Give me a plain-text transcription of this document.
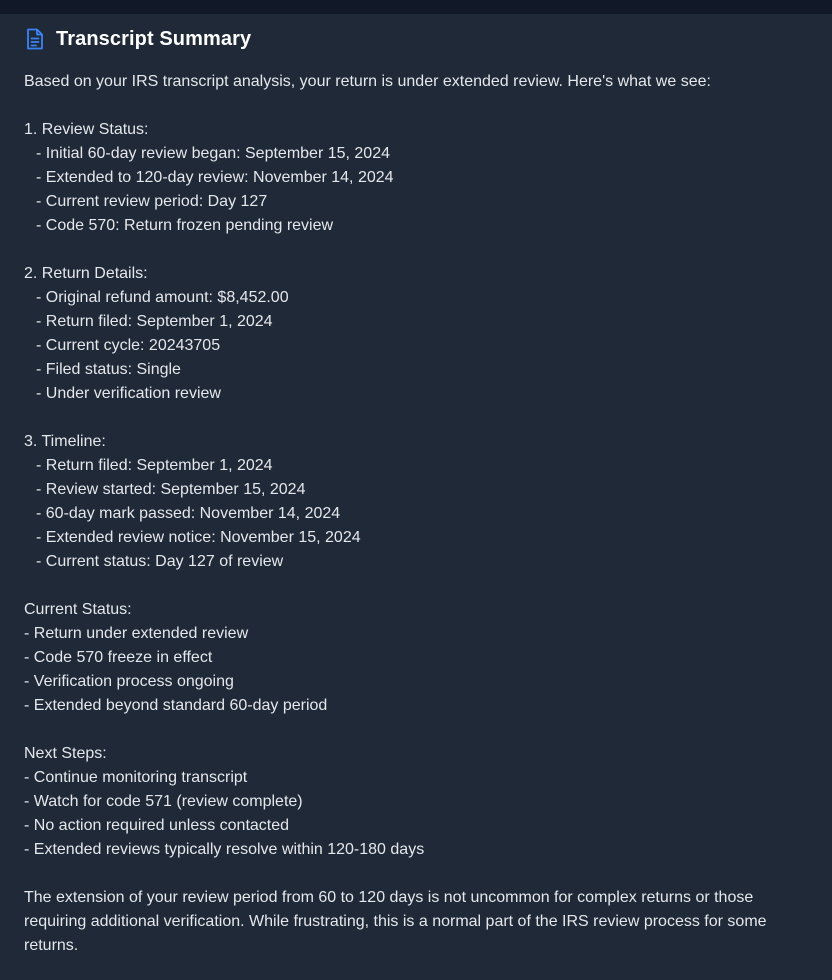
Transcript Summary
Based on your IRS transcript analysis, your return is under extended review. Here's what we see:
1. Review Status:
- Initial 60-day review began: September 15, 2024
- Extended to 120-day review: November 14, 2024
- Current review period: Day 127
- Code 570: Return frozen pending review
2. Return Details:
- Original refund amount: $8,452.00
- Return filed: September 1, 2024
- Current cycle: 20243705
- Filed status: Single
- Under verification review
3. Timeline:
- Return filed: September 1, 2024
- Review started: September 15, 2024
- 60-day mark passed: November 14, 2024
- Extended review notice: November 15, 2024
- Current status: Day 127 of review
Current Status:
- Return under extended review
- Code 570 freeze in effect
- Verification process ongoing
- Extended beyond standard 60-day period
Next Steps:
- Continue monitoring transcript
- Watch for code 571 (review complete)
- No action required unless contacted
- Extended reviews typically resolve within 120-180 days
The extension of your review period from 60 to 120 days is not uncommon for complex returns or those requiring additional verification. While frustrating, this is a normal part of the IRS review process for some returns.
